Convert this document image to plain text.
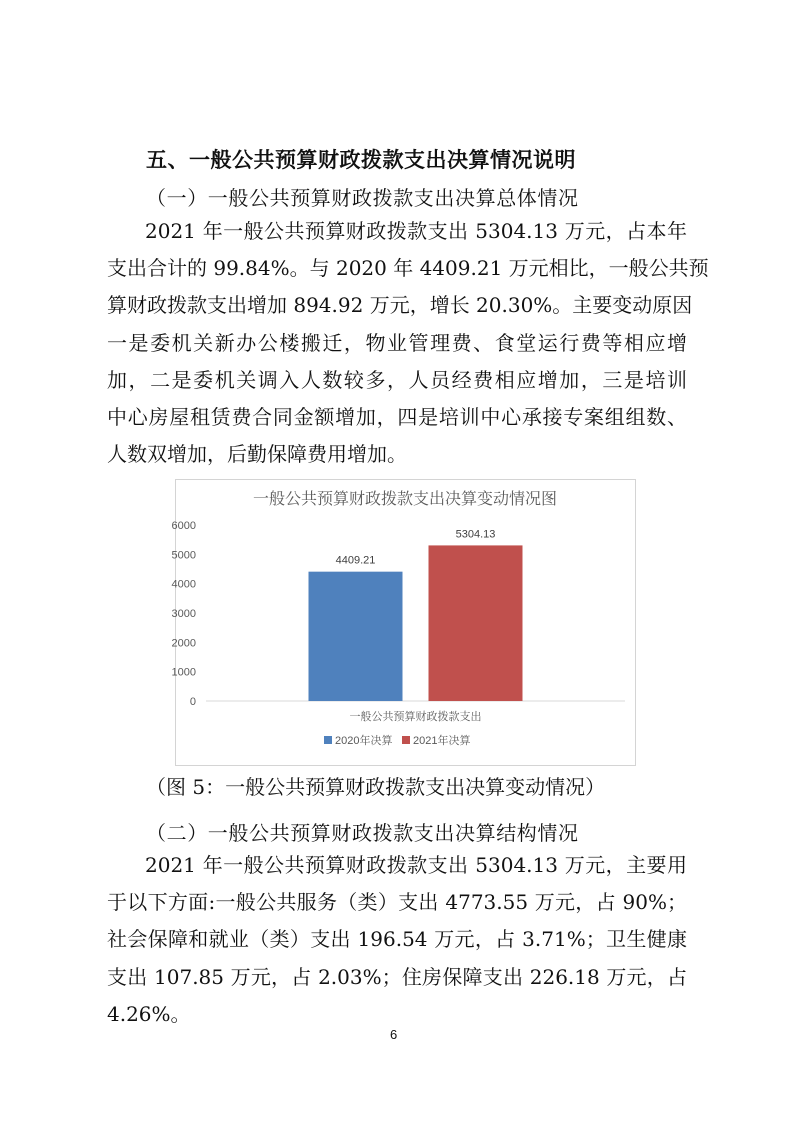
五、一般公共预算财政拨款支出决算情况说明
（一）一般公共预算财政拨款支出决算总体情况
2021 年一般公共预算财政拨款支出 5304.13 万元，占本年
支出合计的 99.84%。与 2020 年 4409.21 万元相比，一般公共预
算财政拨款支出增加 894.92 万元，增长 20.30%。主要变动原因
一是委机关新办公楼搬迁，物业管理费、食堂运行费等相应增
加，二是委机关调入人数较多，人员经费相应增加，三是培训
中心房屋租赁费合同金额增加，四是培训中心承接专案组组数、
人数双增加，后勤保障费用增加。
一般公共预算财政拨款支出决算变动情况图
0
1000
2000
3000
4000
5000
6000
4409.21
5304.13
一般公共预算财政拨款支出
2020年决算 2021年决算
（图 5：一般公共预算财政拨款支出决算变动情况）
（二）一般公共预算财政拨款支出决算结构情况
2021 年一般公共预算财政拨款支出 5304.13 万元，主要用
于以下方面:一般公共服务（类）支出 4773.55 万元，占 90%；
社会保障和就业（类）支出 196.54 万元，占 3.71%；卫生健康
支出 107.85 万元，占 2.03%；住房保障支出 226.18 万元，占
4.26%。
6
